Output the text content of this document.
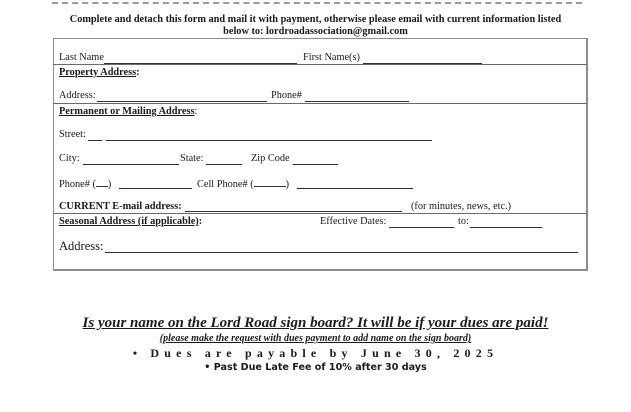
Complete and detach this form and mail it with payment, otherwise please email with current information listed
below to: lordroadassociation@gmail.com
Last Name	First Name(s)
Property Address:
Address:	Phone#
Permanent or Mailing Address:
Street:
City:	State:	Zip Code
Phone# ( )	Cell Phone# (	)
CURRENT E-mail address:	(for minutes, news, etc.)
Seasonal Address (if applicable):	Effective Dates:	to:
Address:
Is your name on the Lord Road sign board? It will be if your dues are paid!
(please make the request with dues payment to add name on the sign board)
• Dues are payable by June 30, 2025
• Past Due Late Fee of 10% after 30 days
